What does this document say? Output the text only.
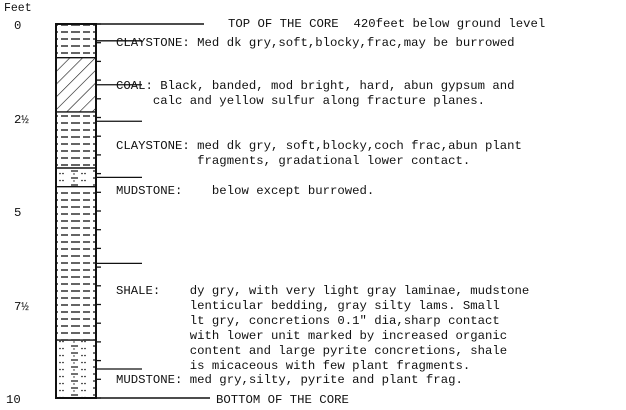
Feet
0
2½
5
7½
10
TOP OF THE CORE  420feet below ground level
BOTTOM OF THE CORE
CLAYSTONE: Med dk gry,soft,blocky,frac,may be burrowed
COAL: Black, banded, mod bright, hard, abun gypsum and
calc and yellow sulfur along fracture planes.
CLAYSTONE: med dk gry, soft,blocky,coch frac,abun plant
fragments, gradational lower contact.
MUDSTONE:    below except burrowed.
SHALE:    dy gry, with very light gray laminae, mudstone
lenticular bedding, gray silty lams. Small
lt gry, concretions 0.1" dia,sharp contact
with lower unit marked by increased organic
content and large pyrite concretions, shale
is micaceous with few plant fragments.
MUDSTONE: med gry,silty, pyrite and plant frag.
